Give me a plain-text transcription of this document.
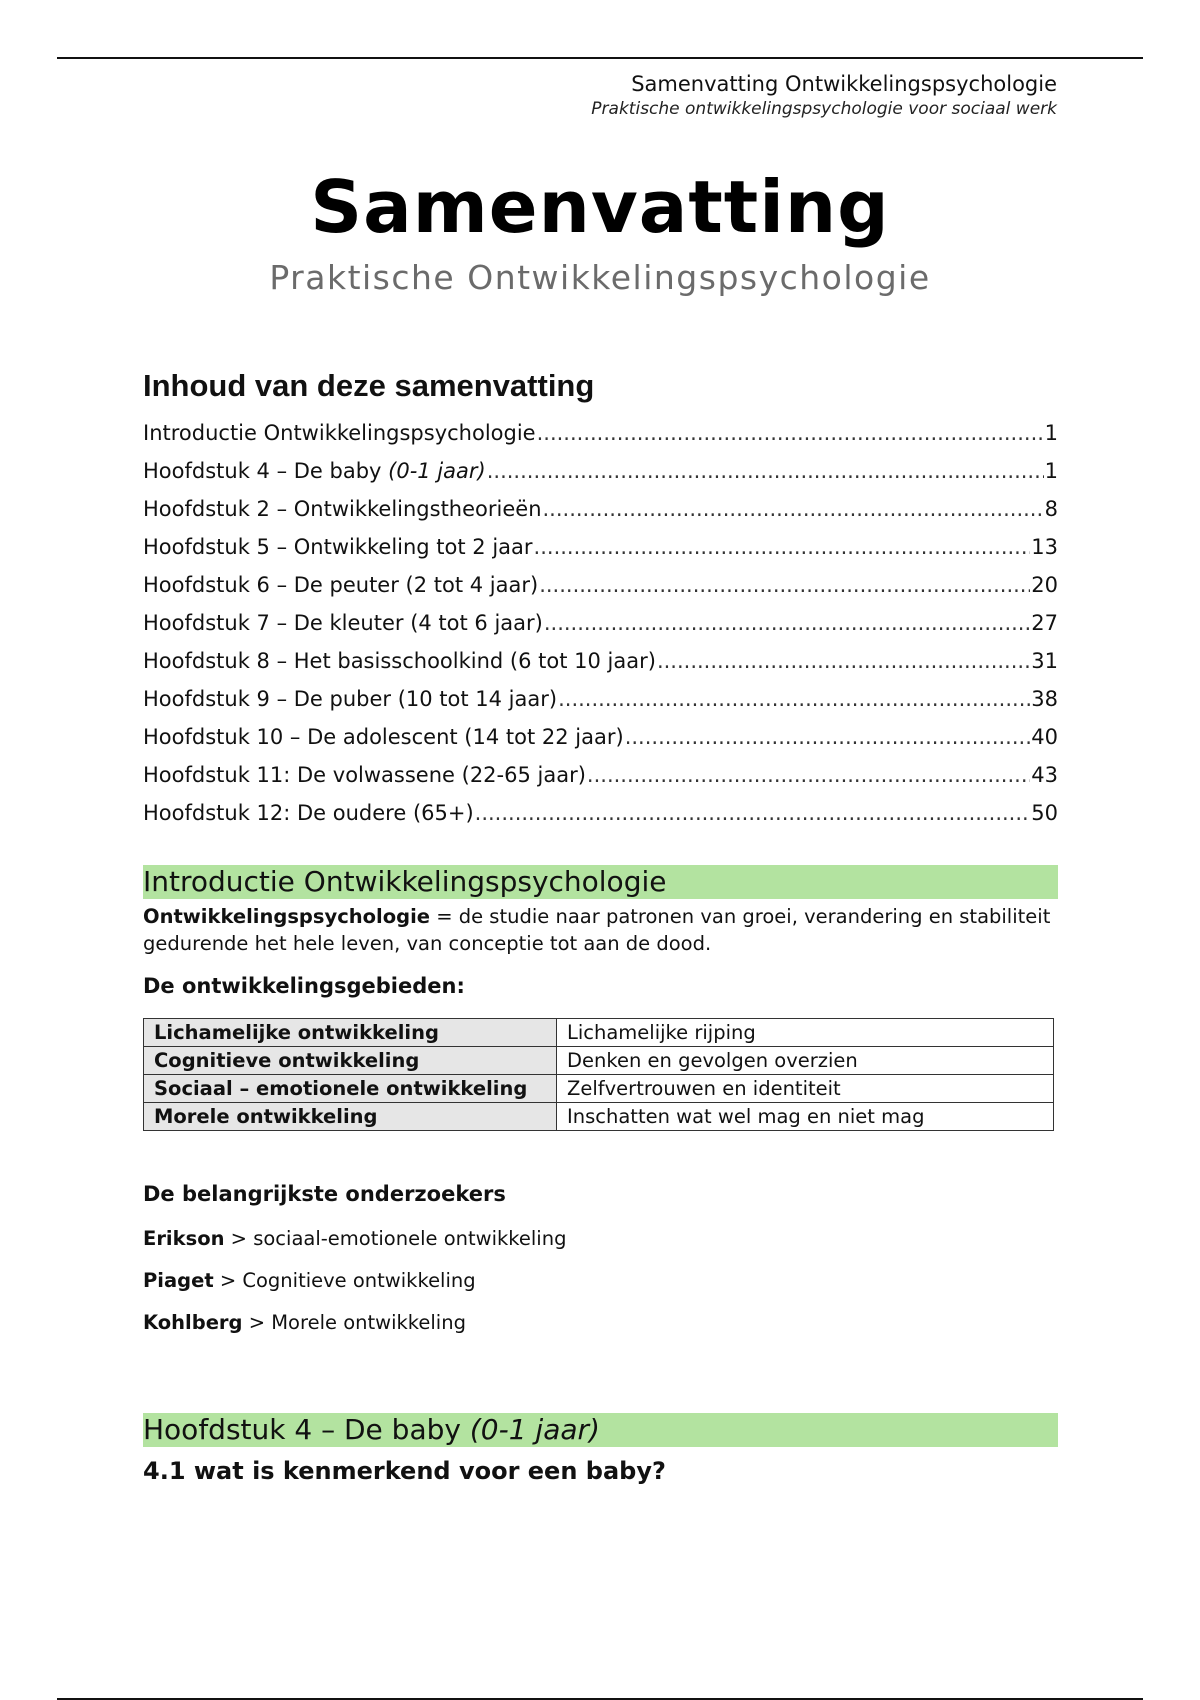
Samenvatting Ontwikkelingspsychologie
Praktische ontwikkelingspsychologie voor sociaal werk
Samenvatting
Praktische Ontwikkelingspsychologie
Inhoud van deze samenvatting
Introductie Ontwikkelingspsychologie .....	1
Hoofdstuk 4 – De baby (0-1 jaar) .....	1
Hoofdstuk 2 – Ontwikkelingstheorieën .....	8
Hoofdstuk 5 – Ontwikkeling tot 2 jaar .....	13
Hoofdstuk 6 – De peuter (2 tot 4 jaar) .....	20
Hoofdstuk 7 – De kleuter (4 tot 6 jaar) .....	27
Hoofdstuk 8 – Het basisschoolkind (6 tot 10 jaar) .....	31
Hoofdstuk 9 – De puber (10 tot 14 jaar) .....	38
Hoofdstuk 10 – De adolescent (14 tot 22 jaar) .....	40
Hoofdstuk 11: De volwassene (22-65 jaar) .....	43
Hoofdstuk 12: De oudere (65+) .....	50
Introductie Ontwikkelingspsychologie
Ontwikkelingspsychologie = de studie naar patronen van groei, verandering en stabiliteit gedurende het hele leven, van conceptie tot aan de dood.
De ontwikkelingsgebieden:
Lichamelijke ontwikkeling	Lichamelijke rijping
Cognitieve ontwikkeling	Denken en gevolgen overzien
Sociaal – emotionele ontwikkeling	Zelfvertrouwen en identiteit
Morele ontwikkeling	Inschatten wat wel mag en niet mag
De belangrijkste onderzoekers
Erikson > sociaal-emotionele ontwikkeling
Piaget > Cognitieve ontwikkeling
Kohlberg > Morele ontwikkeling
Hoofdstuk 4 – De baby (0-1 jaar)
4.1 wat is kenmerkend voor een baby?
